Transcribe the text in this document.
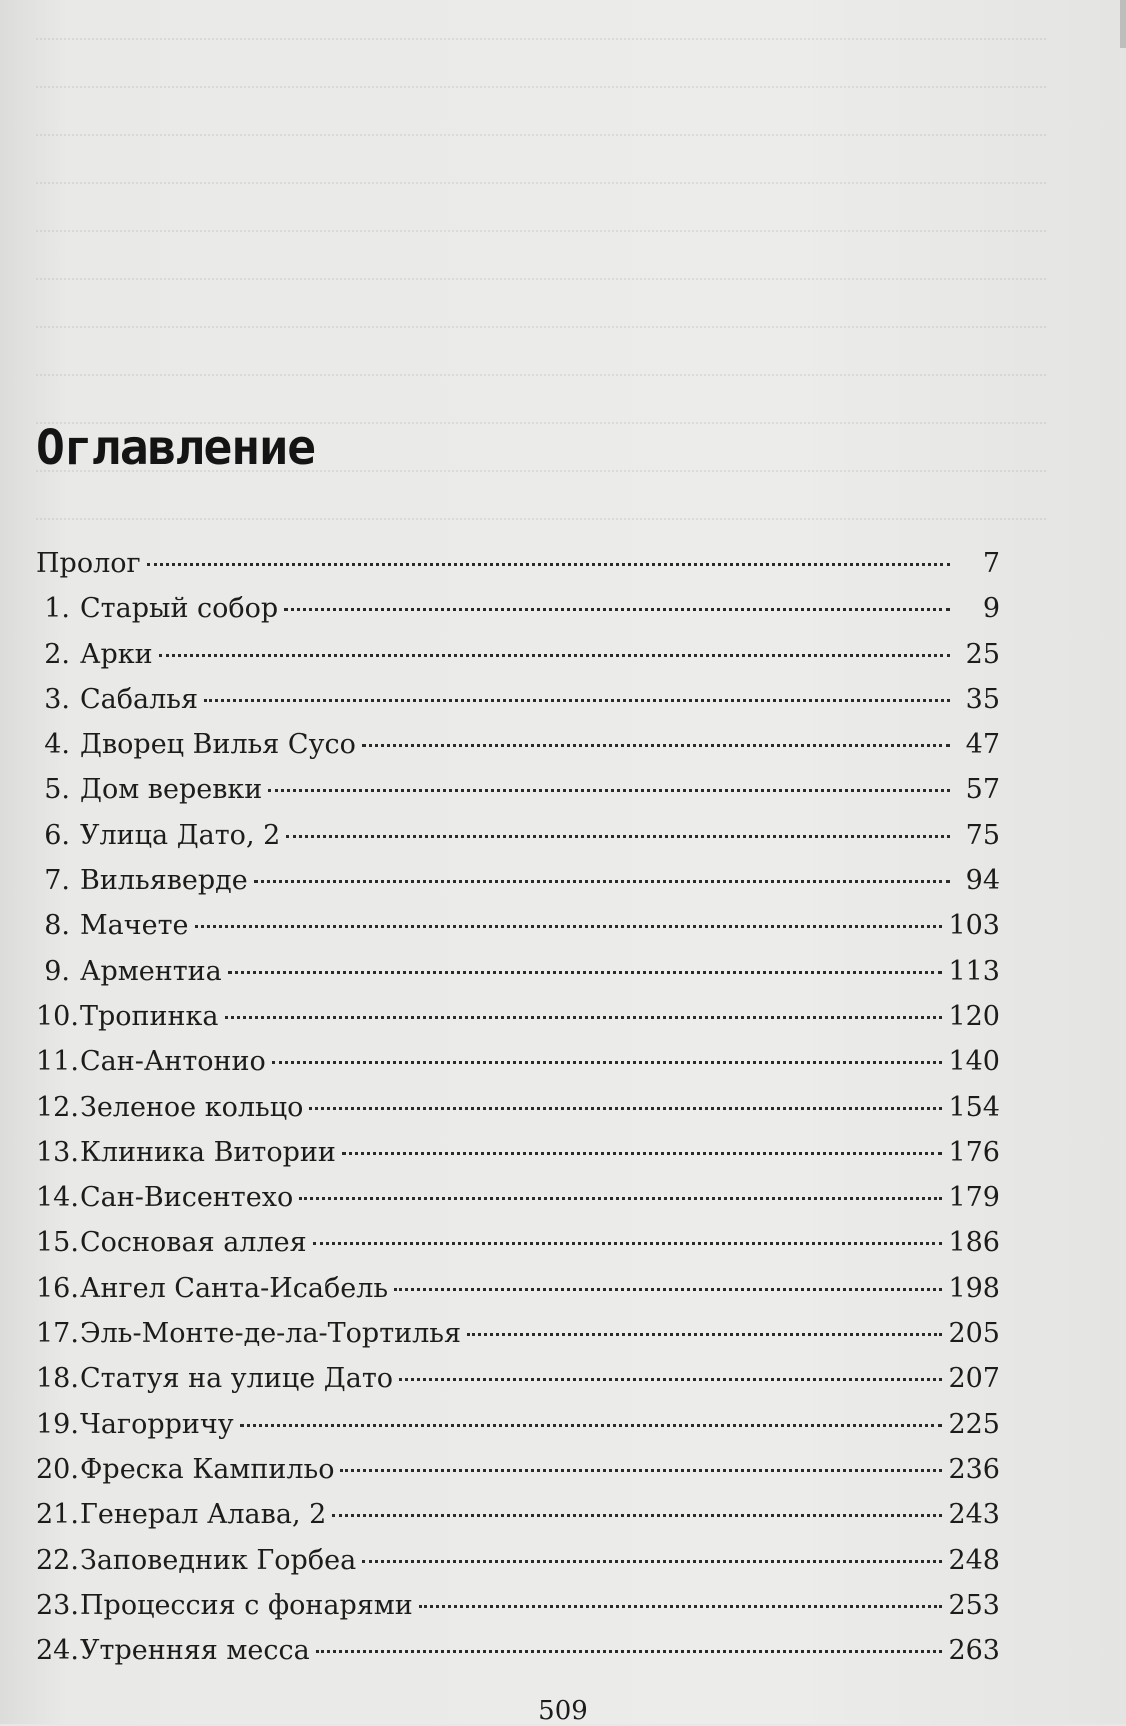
Оглавление
Пролог	7
1. Старый собор	9
2. Арки	25
3. Сабалья	35
4. Дворец Вилья Сусо	47
5. Дом веревки	57
6. Улица Дато, 2	75
7. Вильяверде	94
8. Мачете	103
9. Арментиа	113
10. Тропинка	120
11. Сан-Антонио	140
12. Зеленое кольцо	154
13. Клиника Витории	176
14. Сан-Висентехо	179
15. Сосновая аллея	186
16. Ангел Санта-Исабель	198
17. Эль-Монте-де-ла-Тортилья	205
18. Статуя на улице Дато	207
19. Чагорричу	225
20. Фреска Кампильо	236
21. Генерал Алава, 2	243
22. Заповедник Горбеа	248
23. Процессия с фонарями	253
24. Утренняя месса	263
509
